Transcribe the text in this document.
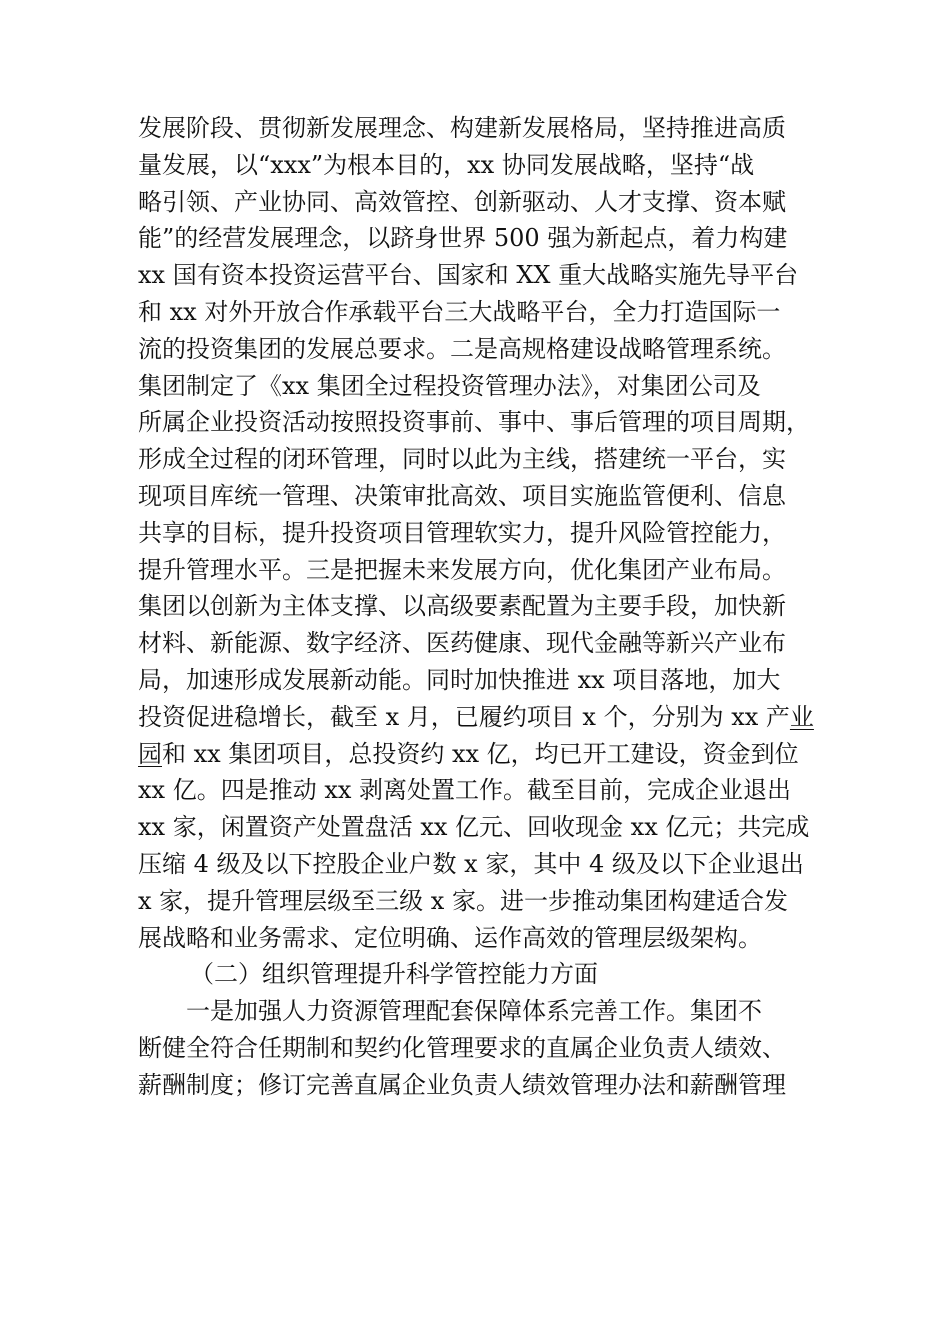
发展阶段、贯彻新发展理念、构建新发展格局，坚持推进高质
量发展，以“xxx”为根本目的，xx 协同发展战略，坚持“战
略引领、产业协同、高效管控、创新驱动、人才支撑、资本赋
能”的经营发展理念，以跻身世界 500 强为新起点，着力构建
xx 国有资本投资运营平台、国家和 XX 重大战略实施先导平台
和 xx 对外开放合作承载平台三大战略平台，全力打造国际一
流的投资集团的发展总要求。二是高规格建设战略管理系统。
集团制定了《xx 集团全过程投资管理办法》，对集团公司及
所属企业投资活动按照投资事前、事中、事后管理的项目周期，
形成全过程的闭环管理，同时以此为主线，搭建统一平台，实
现项目库统一管理、决策审批高效、项目实施监管便利、信息
共享的目标，提升投资项目管理软实力，提升风险管控能力，
提升管理水平。三是把握未来发展方向，优化集团产业布局。
集团以创新为主体支撑、以高级要素配置为主要手段，加快新
材料、新能源、数字经济、医药健康、现代金融等新兴产业布
局，加速形成发展新动能。同时加快推进 xx 项目落地，加大
投资促进稳增长，截至 x 月，已履约项目 x 个，分别为 xx 产业
园和 xx 集团项目，总投资约 xx 亿，均已开工建设，资金到位
xx 亿。四是推动 xx 剥离处置工作。截至目前，完成企业退出
xx 家，闲置资产处置盘活 xx 亿元、回收现金 xx 亿元；共完成
压缩 4 级及以下控股企业户数 x 家，其中 4 级及以下企业退出
x 家，提升管理层级至三级 x 家。进一步推动集团构建适合发
展战略和业务需求、定位明确、运作高效的管理层级架构。
（二）组织管理提升科学管控能力方面
一是加强人力资源管理配套保障体系完善工作。集团不
断健全符合任期制和契约化管理要求的直属企业负责人绩效、
薪酬制度；修订完善直属企业负责人绩效管理办法和薪酬管理
